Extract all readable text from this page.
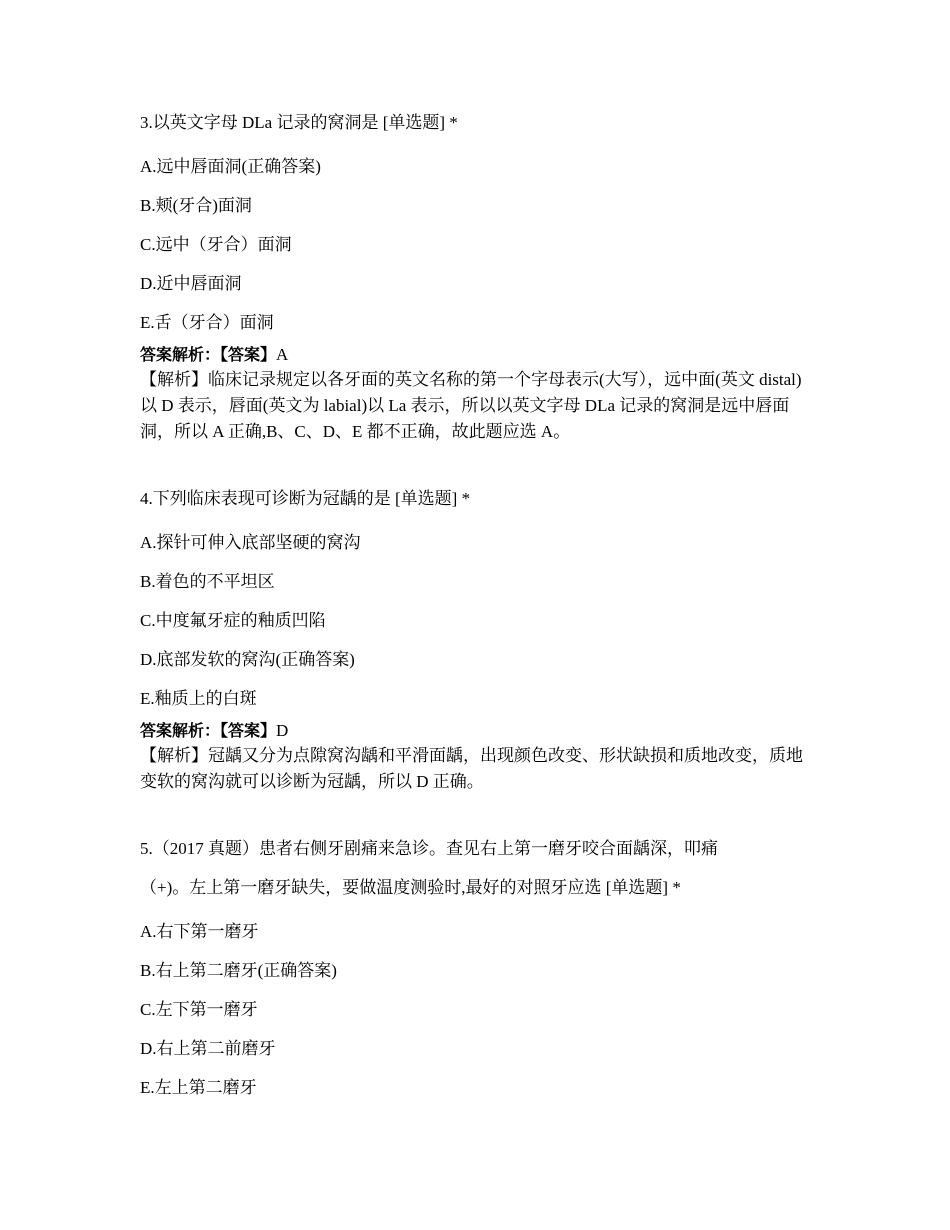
3.以英文字母 DLa 记录的窝洞是 [单选题] *
A.远中唇面洞(正确答案)
B.颊(牙合)面洞
C.远中（牙合）面洞
D.近中唇面洞
E.舌（牙合）面洞
答案解析：【答案】A
【解析】临床记录规定以各牙面的英文名称的第一个字母表示(大写），远中面(英文 distal)以 D 表示，唇面(英文为 labial)以 La 表示，所以以英文字母 DLa 记录的窝洞是远中唇面洞，所以 A 正确,B、C、D、E 都不正确，故此题应选 A。
4.下列临床表现可诊断为冠龋的是 [单选题] *
A.探针可伸入底部坚硬的窝沟
B.着色的不平坦区
C.中度氟牙症的釉质凹陷
D.底部发软的窝沟(正确答案)
E.釉质上的白斑
答案解析：【答案】D
【解析】冠龋又分为点隙窝沟龋和平滑面龋，出现颜色改变、形状缺损和质地改变，质地变软的窝沟就可以诊断为冠龋，所以 D 正确。
5.（2017 真题）患者右侧牙剧痛来急诊。查见右上第一磨牙咬合面龋深，叩痛
（+)。左上第一磨牙缺失，要做温度测验时,最好的对照牙应选 [单选题] *
A.右下第一磨牙
B.右上第二磨牙(正确答案)
C.左下第一磨牙
D.右上第二前磨牙
E.左上第二磨牙
